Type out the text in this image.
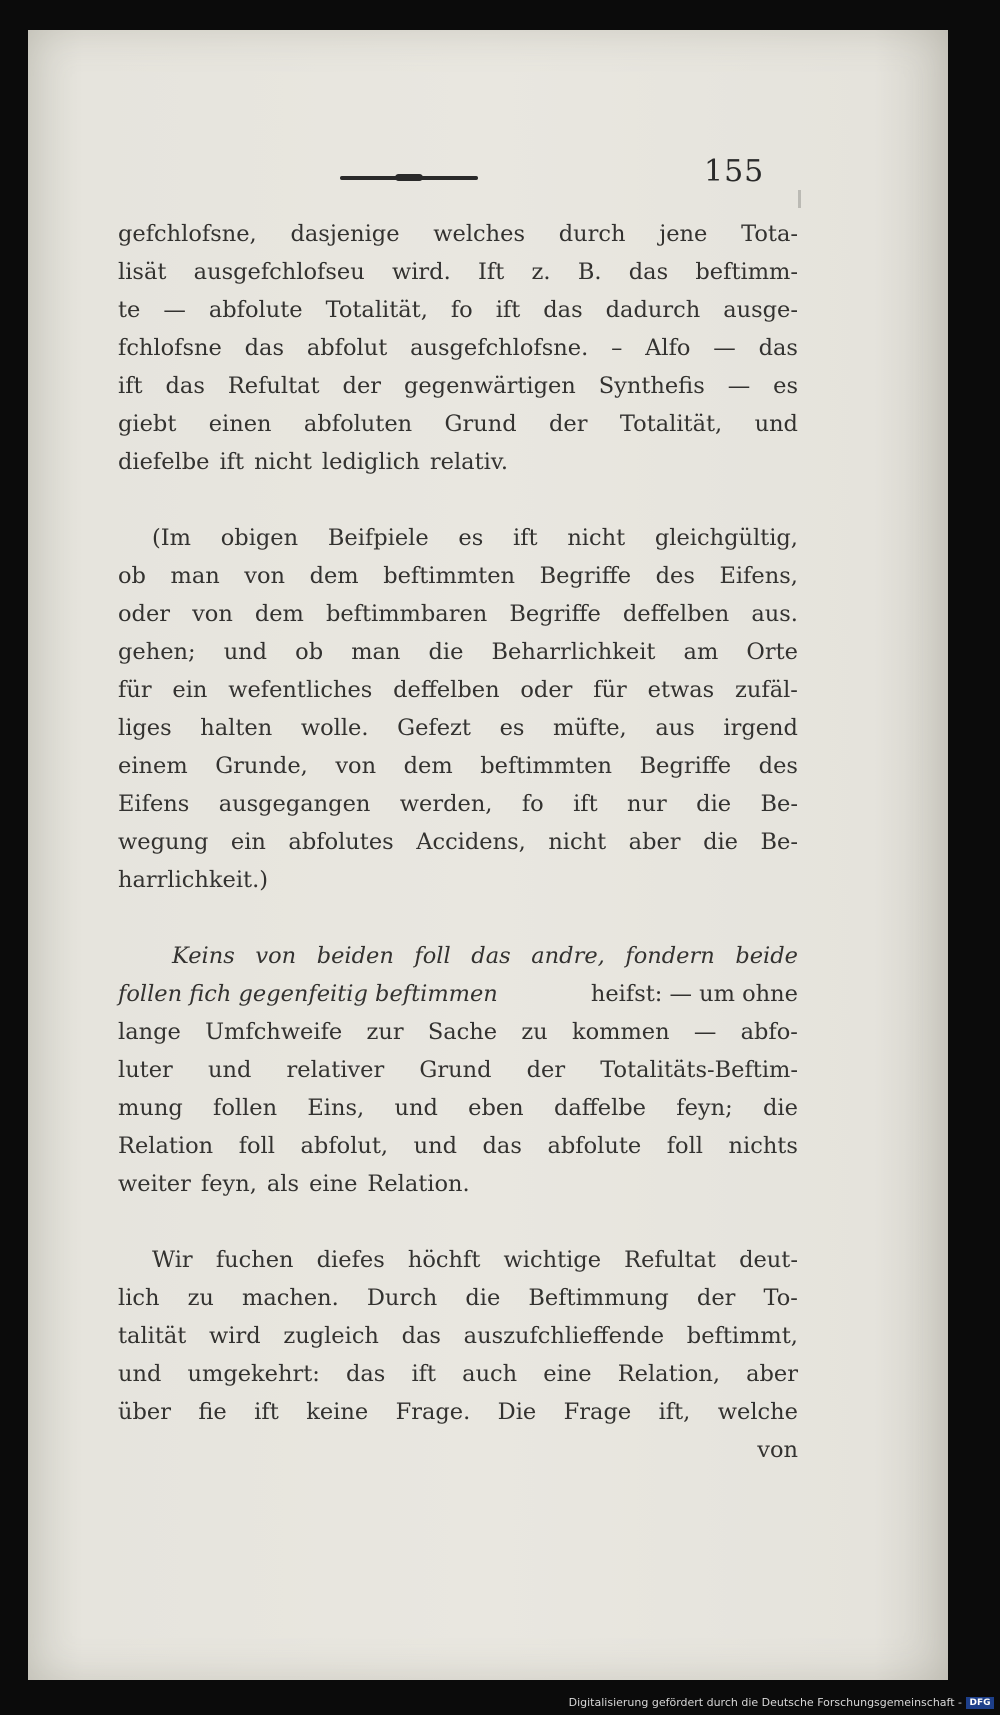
155
gefchlofsne, dasjenige welches durch jene Tota-
lisät ausgefchlofseu wird. Ift z. B. das beftimm-
te — abfolute Totalität, fo ift das dadurch ausge-
fchlofsne das abfolut ausgefchlofsne. – Alfo — das
ift das Refultat der gegenwärtigen Synthefis — es
giebt einen abfoluten Grund der Totalität, und
diefelbe ift nicht lediglich relativ.
(Im obigen Beifpiele es ift nicht gleichgültig,
ob man von dem beftimmten Begriffe des Eifens,
oder von dem beftimmbaren Begriffe deffelben aus.
gehen; und ob man die Beharrlichkeit am Orte
für ein wefentliches deffelben oder für etwas zufäl-
liges halten wolle. Gefezt es müfte, aus irgend
einem Grunde, von dem beftimmten Begriffe des
Eifens ausgegangen werden, fo ift nur die Be-
wegung ein abfolutes Accidens, nicht aber die Be-
harrlichkeit.)
Keins von beiden foll das andre, fondern beide
follen fich gegenfeitig beftimmen	heifst: — um ohne
lange Umfchweife zur Sache zu kommen — abfo-
luter und relativer Grund der Totalitäts-Beftim-
mung follen Eins, und eben daffelbe feyn; die
Relation foll abfolut, und das abfolute foll nichts
weiter feyn, als eine Relation.
Wir fuchen diefes höchft wichtige Refultat deut-
lich zu machen. Durch die Beftimmung der To-
talität wird zugleich das auszufchlieffende beftimmt,
und umgekehrt: das ift auch eine Relation, aber
über fie ift keine Frage. Die Frage ift, welche
von
Digitalisierung gefördert durch die Deutsche Forschungsgemeinschaft - DFG
